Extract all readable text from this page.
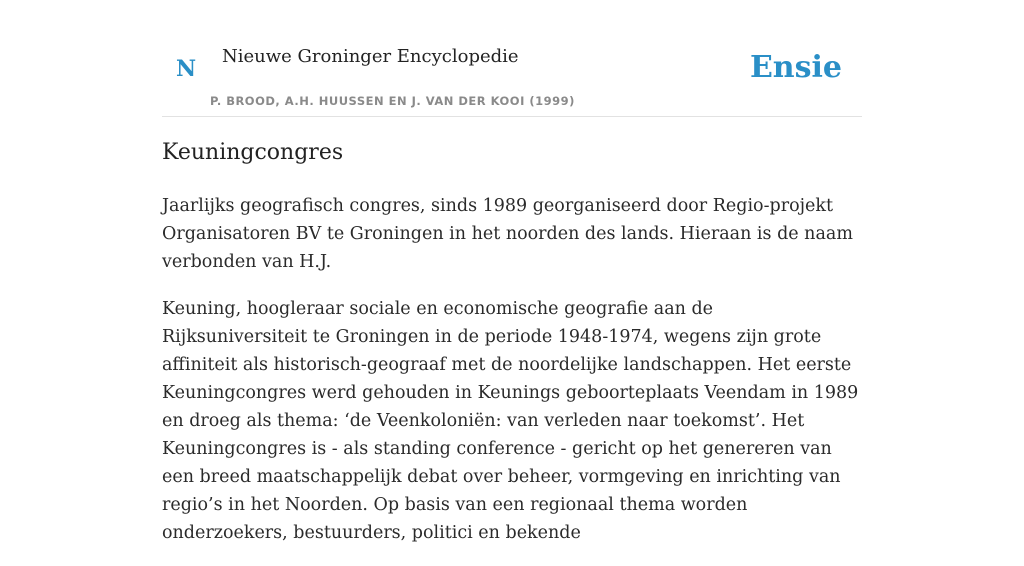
N Nieuwe Groninger Encyclopedie
P. BROOD, A.H. HUUSSEN EN J. VAN DER KOOI (1999)
Ensie
Keuningcongres

Jaarlijks geografisch congres, sinds 1989 georganiseerd door Regio-projekt Organisatoren BV te Groningen in het noorden des lands. Hieraan is de naam verbonden van H.J.

Keuning, hoogleraar sociale en economische geografie aan de Rijksuniversiteit te Groningen in de periode 1948-1974, wegens zijn grote affiniteit als historisch-geograaf met de noordelijke landschappen. Het eerste Keuningcongres werd gehouden in Keunings geboorteplaats Veendam in 1989 en droeg als thema: ‘de Veenkoloniën: van verleden naar toekomst’. Het Keuningcongres is - als standing conference - gericht op het genereren van een breed maatschappelijk debat over beheer, vormgeving en inrichting van regio’s in het Noorden. Op basis van een regionaal thema worden onderzoekers, bestuurders, politici en bekende
